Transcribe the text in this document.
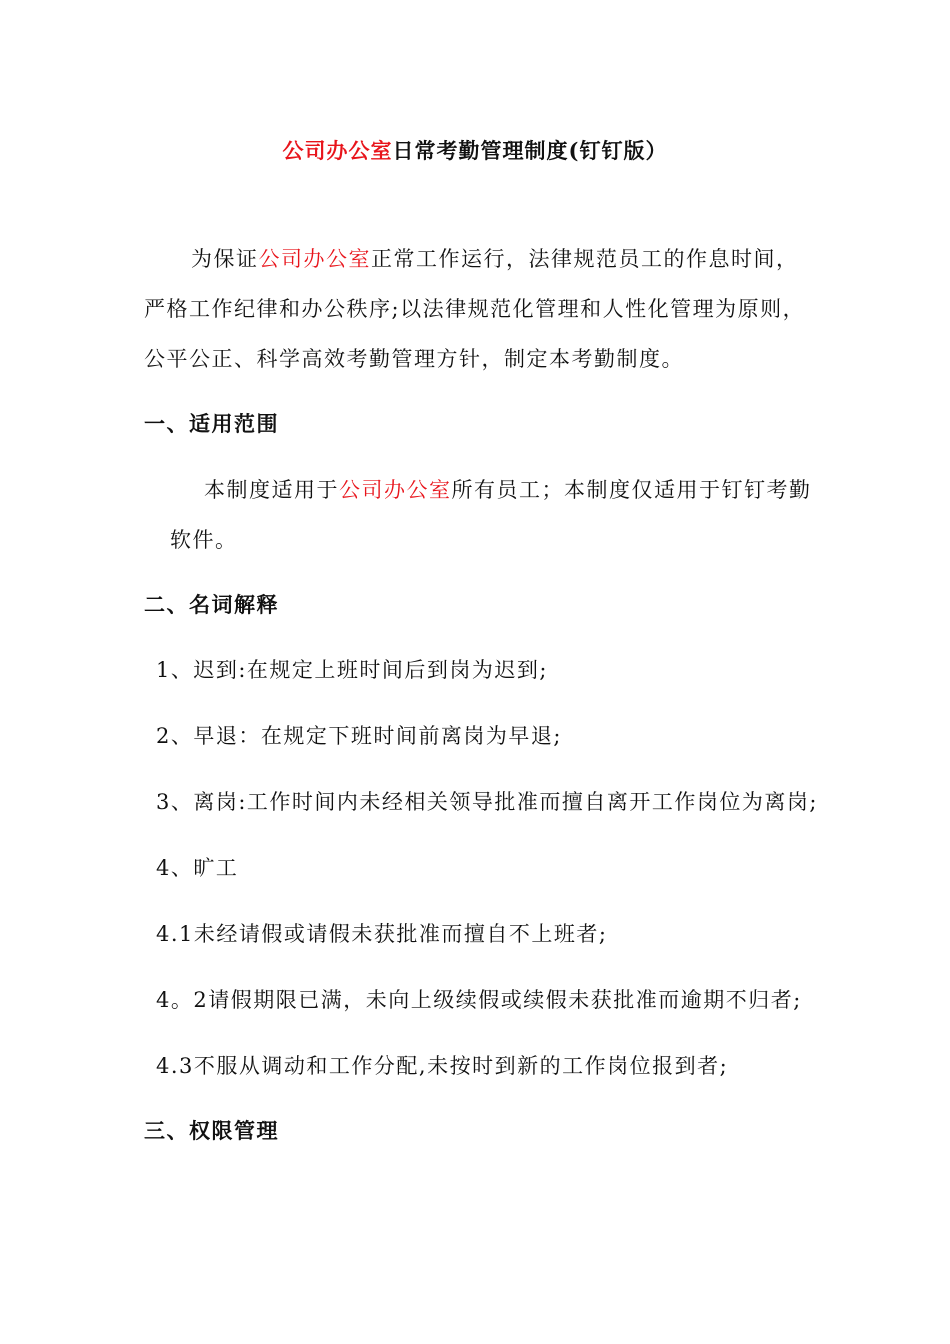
公司办公室日常考勤管理制度(钉钉版）
为保证公司办公室正常工作运行，法律规范员工的作息时间，
严格工作纪律和办公秩序;以法律规范化管理和人性化管理为原则，
公平公正、科学高效考勤管理方针，制定本考勤制度。
一、适用范围
本制度适用于公司办公室所有员工；本制度仅适用于钉钉考勤
软件。
二、名词解释
1、迟到:在规定上班时间后到岗为迟到;
2、早退：在规定下班时间前离岗为早退;
3、离岗:工作时间内未经相关领导批准而擅自离开工作岗位为离岗;
4、旷工
4.1未经请假或请假未获批准而擅自不上班者;
4。2请假期限已满，未向上级续假或续假未获批准而逾期不归者;
4.3不服从调动和工作分配,未按时到新的工作岗位报到者;
三、权限管理
